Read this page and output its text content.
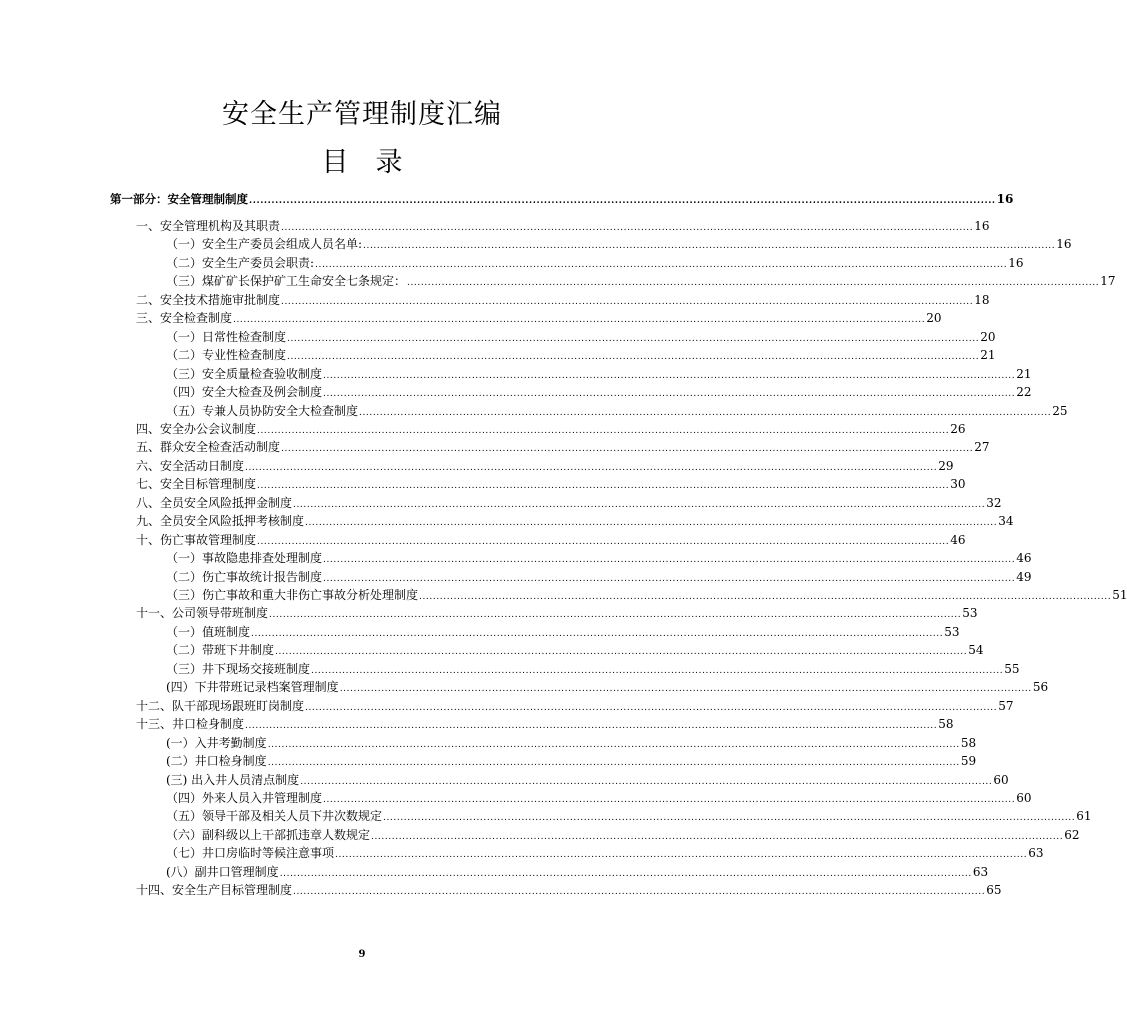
安全生产管理制度汇编
目　录
第一部分：安全管理制制度 ........................................................................................................................................................................................................ 16
一、安全管理机构及其职责 ........................................................................................................................................................................................................ 16
（一）安全生产委员会组成人员名单: ........................................................................................................................................................................................................ 16
（二）安全生产委员会职责: ........................................................................................................................................................................................................ 16
（三）煤矿矿长保护矿工生命安全七条规定： ........................................................................................................................................................................................................ 17
二、安全技术措施审批制度 ........................................................................................................................................................................................................ 18
三、安全检查制度 ........................................................................................................................................................................................................ 20
（一）日常性检查制度 ........................................................................................................................................................................................................ 20
（二）专业性检查制度 ........................................................................................................................................................................................................ 21
（三）安全质量检查验收制度 ........................................................................................................................................................................................................ 21
（四）安全大检查及例会制度 ........................................................................................................................................................................................................ 22
（五）专兼人员协防安全大检查制度 ........................................................................................................................................................................................................ 25
四、安全办公会议制度 ........................................................................................................................................................................................................ 26
五、群众安全检查活动制度 ........................................................................................................................................................................................................ 27
六、安全活动日制度 ........................................................................................................................................................................................................ 29
七、安全目标管理制度 ........................................................................................................................................................................................................ 30
八、全员安全风险抵押金制度 ........................................................................................................................................................................................................ 32
九、全员安全风险抵押考核制度 ........................................................................................................................................................................................................ 34
十、伤亡事故管理制度 ........................................................................................................................................................................................................ 46
（一）事故隐患排查处理制度 ........................................................................................................................................................................................................ 46
（二）伤亡事故统计报告制度 ........................................................................................................................................................................................................ 49
（三）伤亡事故和重大非伤亡事故分析处理制度 ........................................................................................................................................................................................................ 51
十一、公司领导带班制度 ........................................................................................................................................................................................................ 53
（一）值班制度 ........................................................................................................................................................................................................ 53
（二）带班下井制度 ........................................................................................................................................................................................................ 54
（三）井下现场交接班制度 ........................................................................................................................................................................................................ 55
(四）下井带班记录档案管理制度 ........................................................................................................................................................................................................ 56
十二、队干部现场跟班盯岗制度 ........................................................................................................................................................................................................ 57
十三、井口检身制度 ........................................................................................................................................................................................................ 58
(一）入井考勤制度 ........................................................................................................................................................................................................ 58
(二）井口检身制度 ........................................................................................................................................................................................................ 59
(三) 出入井人员清点制度 ........................................................................................................................................................................................................ 60
（四）外来人员入井管理制度 ........................................................................................................................................................................................................ 60
（五）领导干部及相关人员下井次数规定 ........................................................................................................................................................................................................ 61
（六）副科级以上干部抓违章人数规定 ........................................................................................................................................................................................................ 62
（七）井口房临时等候注意事项 ........................................................................................................................................................................................................ 63
(八）副井口管理制度 ........................................................................................................................................................................................................ 63
十四、安全生产目标管理制度 ........................................................................................................................................................................................................ 65
9
